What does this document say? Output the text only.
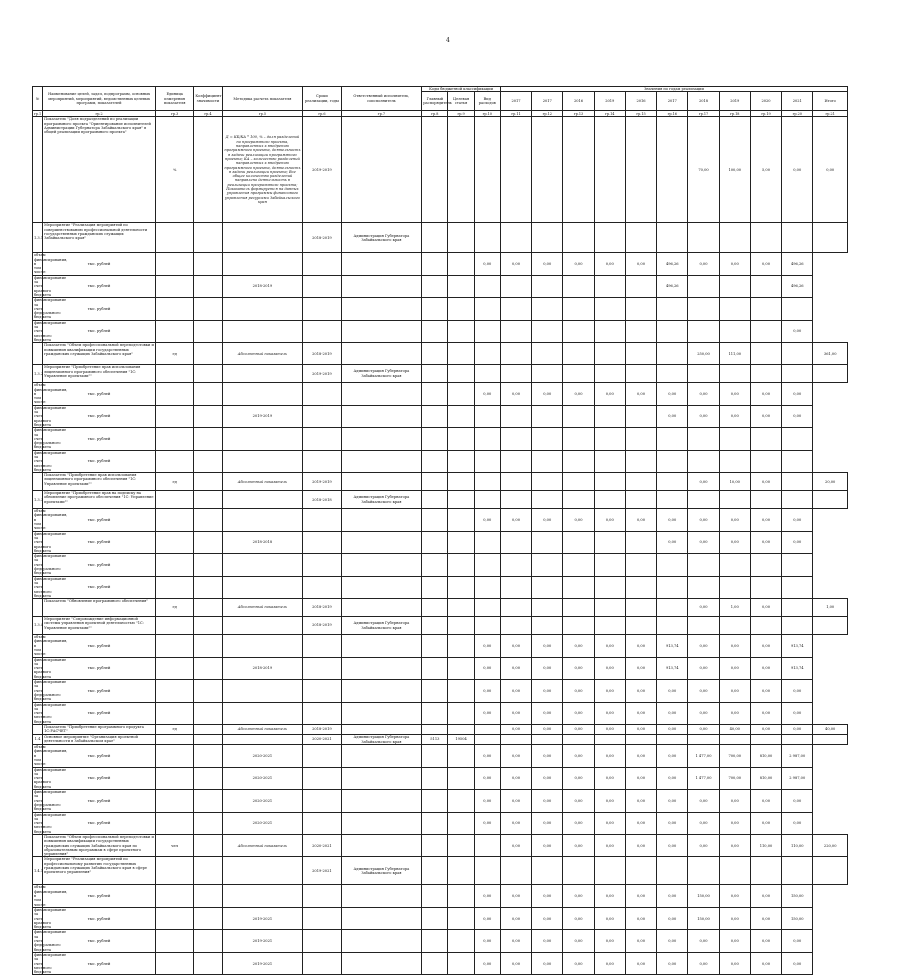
4
№	Наименование целей, задач, подпрограмм, основных мероприятий, мероприятий, ведомственных целевых программ, показателей	Единица измерения показателя	Коэффициент значимости	Методика расчета показателя	Сроки реализации, годы	Ответственный исполнитель, соисполнитель	Коды бюджетной классификации			Значения по годам реализации										
							Главный распорядитель	Целевая статья	Вид расходов	2017	2017	2016	2019	2016	2017	2018	2019	2020	2021	Итого

гр.1	гр.2	гр.3	гр.4	гр.5	гр.6	гр.7	гр.8	гр.9	гр.10	гр.11	гр.12	гр.13	гр.14	гр.15	гр.16	гр.17	гр.18	гр.19	гр.20	гр.21
	Показатель "Доля подразделений по реализации программного проекта "Ориентирование исполнителей Администрации Губернатора Забайкальского края" в общей реализации программного проекта"	%		Д = КБ/КА * 100, % – доля разделений по программного проекта, направленных к внедрению программного проекта, деятельность в задачи реализации программного проекта; КА – количество разделений направленных к внедрению программного проекта, деятельность в задачи реализации проекта; Все общее количество разделений направлено деятельность в реализации программного проекта; Показатель формируется на данных управления программы финансового управления ресурсами Забайкальского края	2019-2019											70,00	100,00	5,00	0,00	0,00
1.3.1	Мероприятие "Реализация мероприятий по совершенствованию профессиональной деятельности государственных гражданских служащих Забайкальского края"				2018-2019	Администрация Губернатора Забайкальского края														
объем финансирования, в том числе:	тыс. рублей								0,00	0,00	0,00	0,00	0,00	0,00	496,26	0,00	0,00	0,00	496,26	
финансирование за счет краевого бюджета	тыс. рублей			2018-2019											496,26				496,26	
финансирование за счет федерального бюджета	тыс. рублей																			
финансирование за счет местного бюджета	тыс. рублей																		0,00	
	Показатель "Объем профессиональной переподготовки и повышения квалификации государственных гражданских служащих Забайкальского края"	ед		Абсолютный показатель	2018-2019											250,00	111,00			361,00
1.3.2	Мероприятие "Приобретение прав использования лицензионного программного обеспечения "1С: Управление проектами""				2019-2019	Администрация Губернатора Забайкальского края														
объем финансирования, в том числе:	тыс. рублей								0,00	0,00	0,00	0,00	0,00	0,00	0,00	0,00	0,00	0,00	0,00	
финансирование за счет краевого бюджета	тыс. рублей			2019-2019											0,00	0,00	0,00	0,00	0,00	
финансирование за счет федерального бюджета	тыс. рублей																			
финансирование за счет местного бюджета	тыс. рублей																			
	Показатель "Приобретение прав использования лицензионного программного обеспечения "1С: Управление проектами""	ед		Абсолютный показатель	2019-2019											0,00	10,00	0,00		20,00
1.3.3	Мероприятие "Приобретение прав на подписку на обновление программного обеспечения "1С: Управление проектами""				2018-2018	Администрация Губернатора Забайкальского края														
объем финансирования, в том числе:	тыс. рублей								0,00	0,00	0,00	0,00	0,00	0,00	0,00	0,00	0,00	0,00	0,00	
финансирование за счет краевого бюджета	тыс. рублей			2018-2018											0,00	0,00	0,00	0,00	0,00	
финансирование за счет федерального бюджета	тыс. рублей																			
финансирование за счет местного бюджета	тыс. рублей																			
	Показатель "Обновление программного обеспечения"	ед		Абсолютный показатель	2018-2019											0,00	1,00	0,00		1,00
1.3.4	Мероприятие "Сопровождение информационной системы управления проектной деятельностью "1С: Управление проектами""				2018-2019	Администрация Губернатора Забайкальского края														
объем финансирования, в том числе:	тыс. рублей								0,00	0,00	0,00	0,00	0,00	0,00	913,74	0,00	0,00	0,00	913,74	
финансирование за счет краевого бюджета	тыс. рублей			2018-2019					0,00	0,00	0,00	0,00	0,00	0,00	913,74	0,00	0,00	0,00	913,74	
финансирование за счет федерального бюджета	тыс. рублей								0,00	0,00	0,00	0,00	0,00	0,00	0,00	0,00	0,00	0,00	0,00	
финансирование за счет местного бюджета	тыс. рублей								0,00	0,00	0,00	0,00	0,00	0,00	0,00	0,00	0,00	0,00	0,00	
	Показатель "Приобретение программного продукта 1С:РАСЧЕТ"	ед		Абсолютный показатель	2018-2019					0,00	0,00	0,00	0,00	0,00	0,00	0,00	40,00	0,00	0,00	40,00
1.4	Основное мероприятие "Организация проектной деятельности в Забайкальском крае"				2020-2021	Администрация Губернатора Забайкальского края	5113	19504												
объем финансирования, в том числе:	тыс. рублей			2020-2021					0,00	0,00	0,00	0,00	0,00	0,00	0,00	1 477,00	700,00	810,00	2 987,00	
финансирование за счет краевого бюджета	тыс. рублей			2020-2021					0,00	0,00	0,00	0,00	0,00	0,00	0,00	1 477,00	700,00	810,00	2 987,00	
финансирование за счет федерального бюджета	тыс. рублей			2020-2021					0,00	0,00	0,00	0,00	0,00	0,00	0,00	0,00	0,00	0,00	0,00	
финансирование за счет местного бюджета	тыс. рублей			2020-2021					0,00	0,00	0,00	0,00	0,00	0,00	0,00	0,00	0,00	0,00	0,00	
	Показатель "Объем профессиональной переподготовки и повышения квалификации государственных гражданских служащих Забайкальского края по образовательным программам в сфере проектного управления"	чел		Абсолютный показатель	2020-2021					0,00	0,00	0,00	0,00	0,00	0,00	0,00	0,00	110,00	110,00	220,00
1.4.1	Мероприятие "Реализация мероприятий по профессиональному развитию государственных гражданских служащих Забайкальского края в сфере проектного управления"				2019-2021	Администрация Губернатора Забайкальского края														
объем финансирования, в том числе:	тыс. рублей								0,00	0,00	0,00	0,00	0,00	0,00	0,00	150,00	0,00	0,00	150,00	
финансирование за счет краевого бюджета	тыс. рублей			2019-2021					0,00	0,00	0,00	0,00	0,00	0,00	0,00	150,00	0,00	0,00	150,00	
финансирование за счет федерального бюджета	тыс. рублей			2019-2021					0,00	0,00	0,00	0,00	0,00	0,00	0,00	0,00	0,00	0,00	0,00	
финансирование за счет местного бюджета	тыс. рублей			2019-2021					0,00	0,00	0,00	0,00	0,00	0,00	0,00	0,00	0,00	0,00	0,00	
